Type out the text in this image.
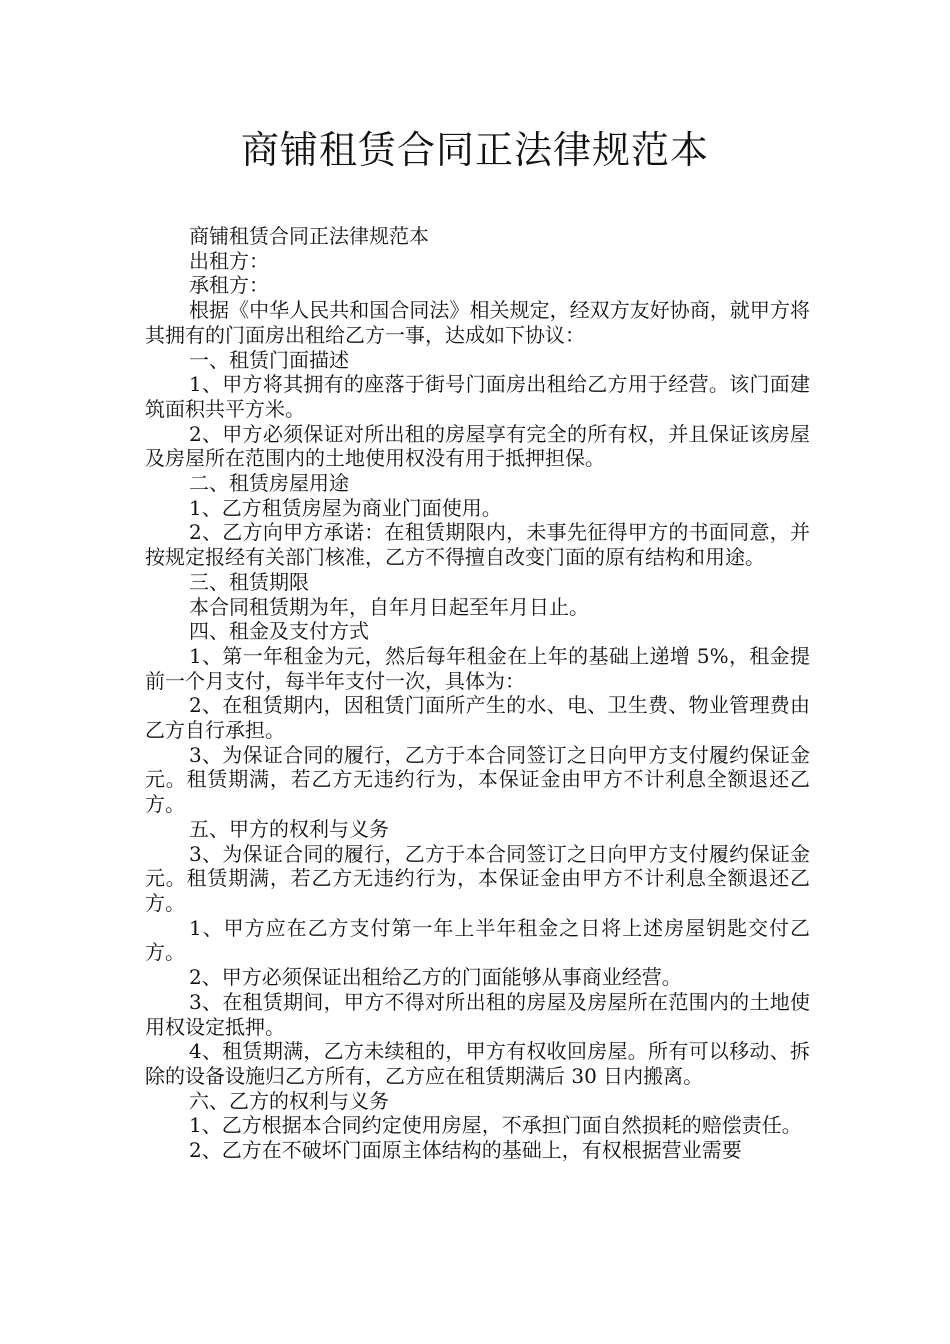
商铺租赁合同正法律规范本

商铺租赁合同正法律规范本

出租方：

承租方：

根据《中华人民共和国合同法》相关规定，经双方友好协商，就甲方将其拥有的门面房出租给乙方一事，达成如下协议：

一、租赁门面描述

1、甲方将其拥有的座落于街号门面房出租给乙方用于经营。该门面建筑面积共平方米。

2、甲方必须保证对所出租的房屋享有完全的所有权，并且保证该房屋及房屋所在范围内的土地使用权没有用于抵押担保。

二、租赁房屋用途

1、乙方租赁房屋为商业门面使用。

2、乙方向甲方承诺：在租赁期限内，未事先征得甲方的书面同意，并按规定报经有关部门核准，乙方不得擅自改变门面的原有结构和用途。

三、租赁期限

本合同租赁期为年，自年月日起至年月日止。

四、租金及支付方式

1、第一年租金为元，然后每年租金在上年的基础上递增 5%，租金提前一个月支付，每半年支付一次，具体为：

2、在租赁期内，因租赁门面所产生的水、电、卫生费、物业管理费由乙方自行承担。

3、为保证合同的履行，乙方于本合同签订之日向甲方支付履约保证金元。租赁期满，若乙方无违约行为，本保证金由甲方不计利息全额退还乙方。

五、甲方的权利与义务

3、为保证合同的履行，乙方于本合同签订之日向甲方支付履约保证金元。租赁期满，若乙方无违约行为，本保证金由甲方不计利息全额退还乙方。

1、甲方应在乙方支付第一年上半年租金之日将上述房屋钥匙交付乙方。

2、甲方必须保证出租给乙方的门面能够从事商业经营。

3、在租赁期间，甲方不得对所出租的房屋及房屋所在范围内的土地使用权设定抵押。

4、租赁期满，乙方未续租的，甲方有权收回房屋。所有可以移动、拆除的设备设施归乙方所有，乙方应在租赁期满后 30 日内搬离。

六、乙方的权利与义务

1、乙方根据本合同约定使用房屋，不承担门面自然损耗的赔偿责任。

2、乙方在不破坏门面原主体结构的基础上，有权根据营业需要
